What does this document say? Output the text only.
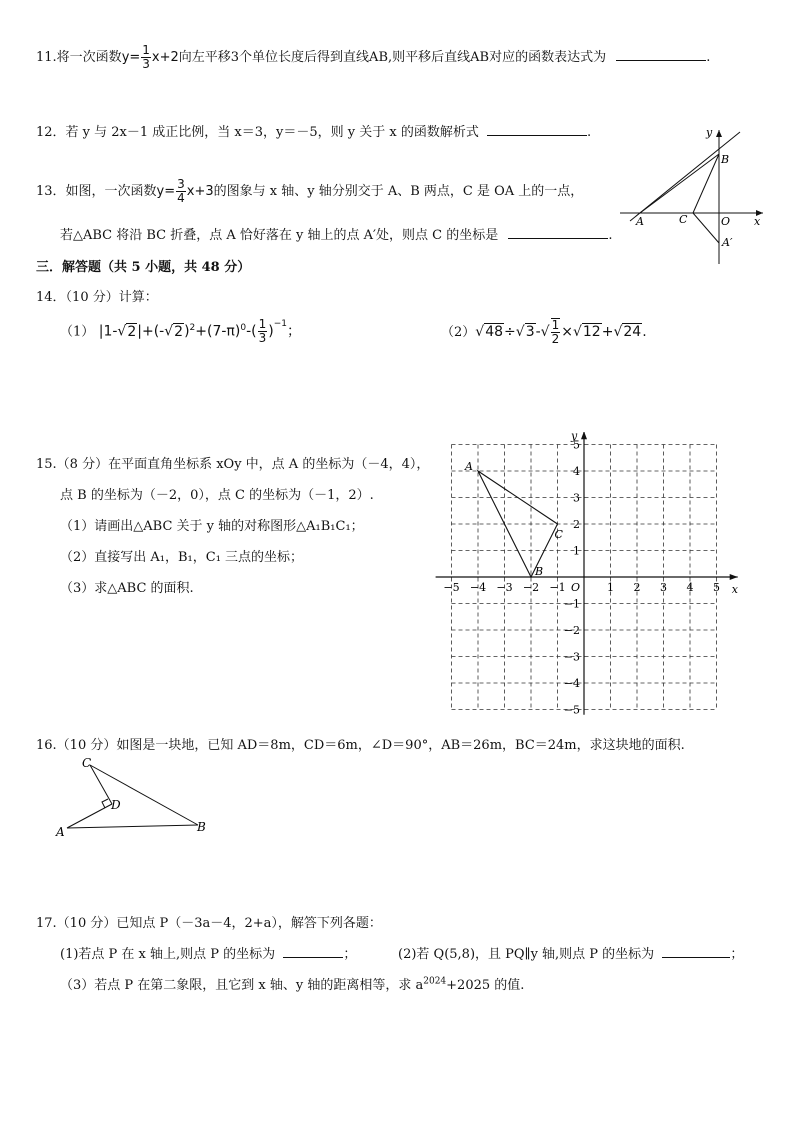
11.将一次函数$y= \frac{1}{3} x+2$向左平移3个单位长度后得到直线AB,则平移后直线AB对应的函数表达式为	.
12．若 y 与 2x－1 成正比例，当 x＝3，y＝－5，则 y 关于 x 的函数解析式	.
13．如图，一次函数$y= \frac{3}{4} x+3$的图象与 x 轴、y 轴分别交于 A、B 两点，C 是 OA 上的一点，
若△ABC 将沿 BC 折叠，点 A 恰好落在 y 轴上的点 A′处，则点 C 的坐标是	.
y
B
A	C	O x
A′
三．解答题（共 5 小题，共 48 分）
14．（10 分）计算：
（1） $|1-√2|+(-√2)^2+(7-\pi)^0-( \frac{1}{3} )^{-1}$；	$(2)√48\div√3-√ \frac{1}{2} \times√12+√24$.
15.（8 分）在平面直角坐标系 xOy 中，点 A 的坐标为（－4，4），
点 B 的坐标为（－2，0），点 C 的坐标为（－1，2）.
（1）请画出△ABC 关于 y 轴的对称图形△A₁B₁C₁；
（2）直接写出 A₁，B₁，C₁ 三点的坐标；
（3）求△ABC 的面积.	−5 −4 −3 −2 −1	1 2 3 4 5
5
4
3
2
1
−1
−2
−3
−4
−5
O	x
y
A
B
C
16.（10 分）如图是一块地，已知 AD＝8m，CD＝6m，∠D＝90°，AB＝26m，BC＝24m，求这块地的面积.
A	B
C
D
17.（10 分）已知点 P（－3a－4，2+a），解答下列各题：
(1)若点 P 在 x 轴上,则点 P 的坐标为	；	(2)若 Q(5,8)，且 PQ∥y 轴,则点 P 的坐标为	；
（3）若点 P 在第二象限，且它到 x 轴、y 轴的距离相等，求 $a^{2024}+2025$ 的值.
